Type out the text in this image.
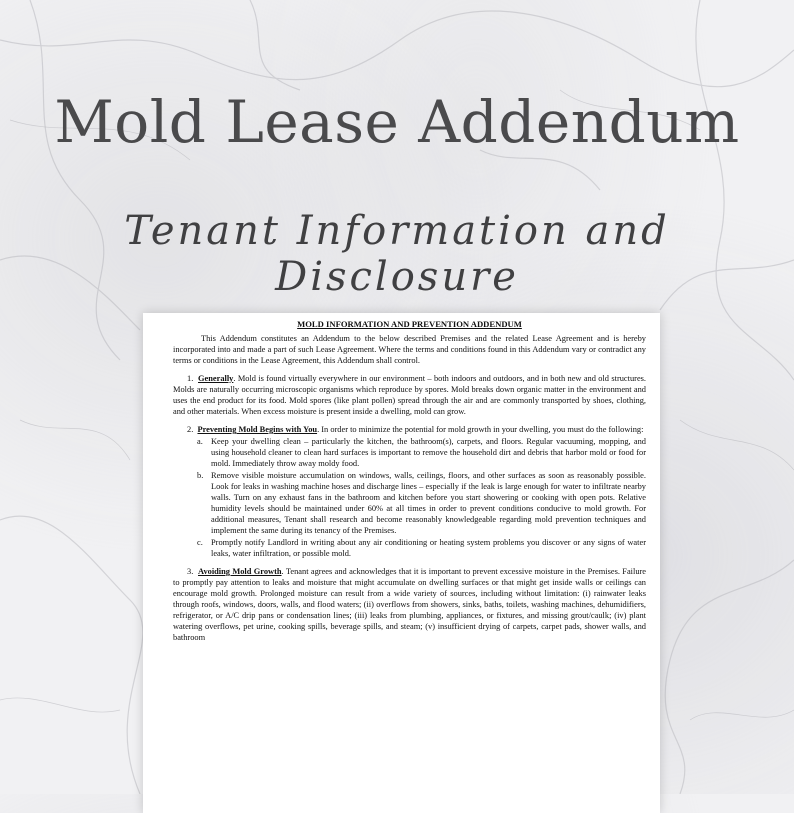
Mold Lease Addendum
Tenant Information and Disclosure

MOLD INFORMATION AND PREVENTION ADDENDUM

This Addendum constitutes an Addendum to the below described Premises and the related Lease Agreement and is hereby incorporated into and made a part of such Lease Agreement. Where the terms and conditions found in this Addendum vary or contradict any terms or conditions in the Lease Agreement, this Addendum shall control.

1. Generally. Mold is found virtually everywhere in our environment – both indoors and outdoors, and in both new and old structures. Molds are naturally occurring microscopic organisms which reproduce by spores. Mold breaks down organic matter in the environment and uses the end product for its food. Mold spores (like plant pollen) spread through the air and are commonly transported by shoes, clothing, and other materials. When excess moisture is present inside a dwelling, mold can grow.

2. Preventing Mold Begins with You. In order to minimize the potential for mold growth in your dwelling, you must do the following:

a. Keep your dwelling clean – particularly the kitchen, the bathroom(s), carpets, and floors. Regular vacuuming, mopping, and using household cleaner to clean hard surfaces is important to remove the household dirt and debris that harbor mold or food for mold. Immediately throw away moldy food.

b. Remove visible moisture accumulation on windows, walls, ceilings, floors, and other surfaces as soon as reasonably possible. Look for leaks in washing machine hoses and discharge lines – especially if the leak is large enough for water to infiltrate nearby walls. Turn on any exhaust fans in the bathroom and kitchen before you start showering or cooking with open pots. Relative humidity levels should be maintained under 60% at all times in order to prevent conditions conducive to mold growth. For additional measures, Tenant shall research and become reasonably knowledgeable regarding mold prevention techniques and implement the same during its tenancy of the Premises.

c. Promptly notify Landlord in writing about any air conditioning or heating system problems you discover or any signs of water leaks, water infiltration, or possible mold.

3. Avoiding Mold Growth. Tenant agrees and acknowledges that it is important to prevent excessive moisture in the Premises. Failure to promptly pay attention to leaks and moisture that might accumulate on dwelling surfaces or that might get inside walls or ceilings can encourage mold growth. Prolonged moisture can result from a wide variety of sources, including without limitation: (i) rainwater leaks through roofs, windows, doors, walls, and flood waters; (ii) overflows from showers, sinks, baths, toilets, washing machines, dehumidifiers, refrigerator, or A/C drip pans or condensation lines; (iii) leaks from plumbing, appliances, or fixtures, and missing grout/caulk; (iv) plant watering overflows, pet urine, cooking spills, beverage spills, and steam; (v) insufficient drying of carpets, carpet pads, shower walls, and bathroom
